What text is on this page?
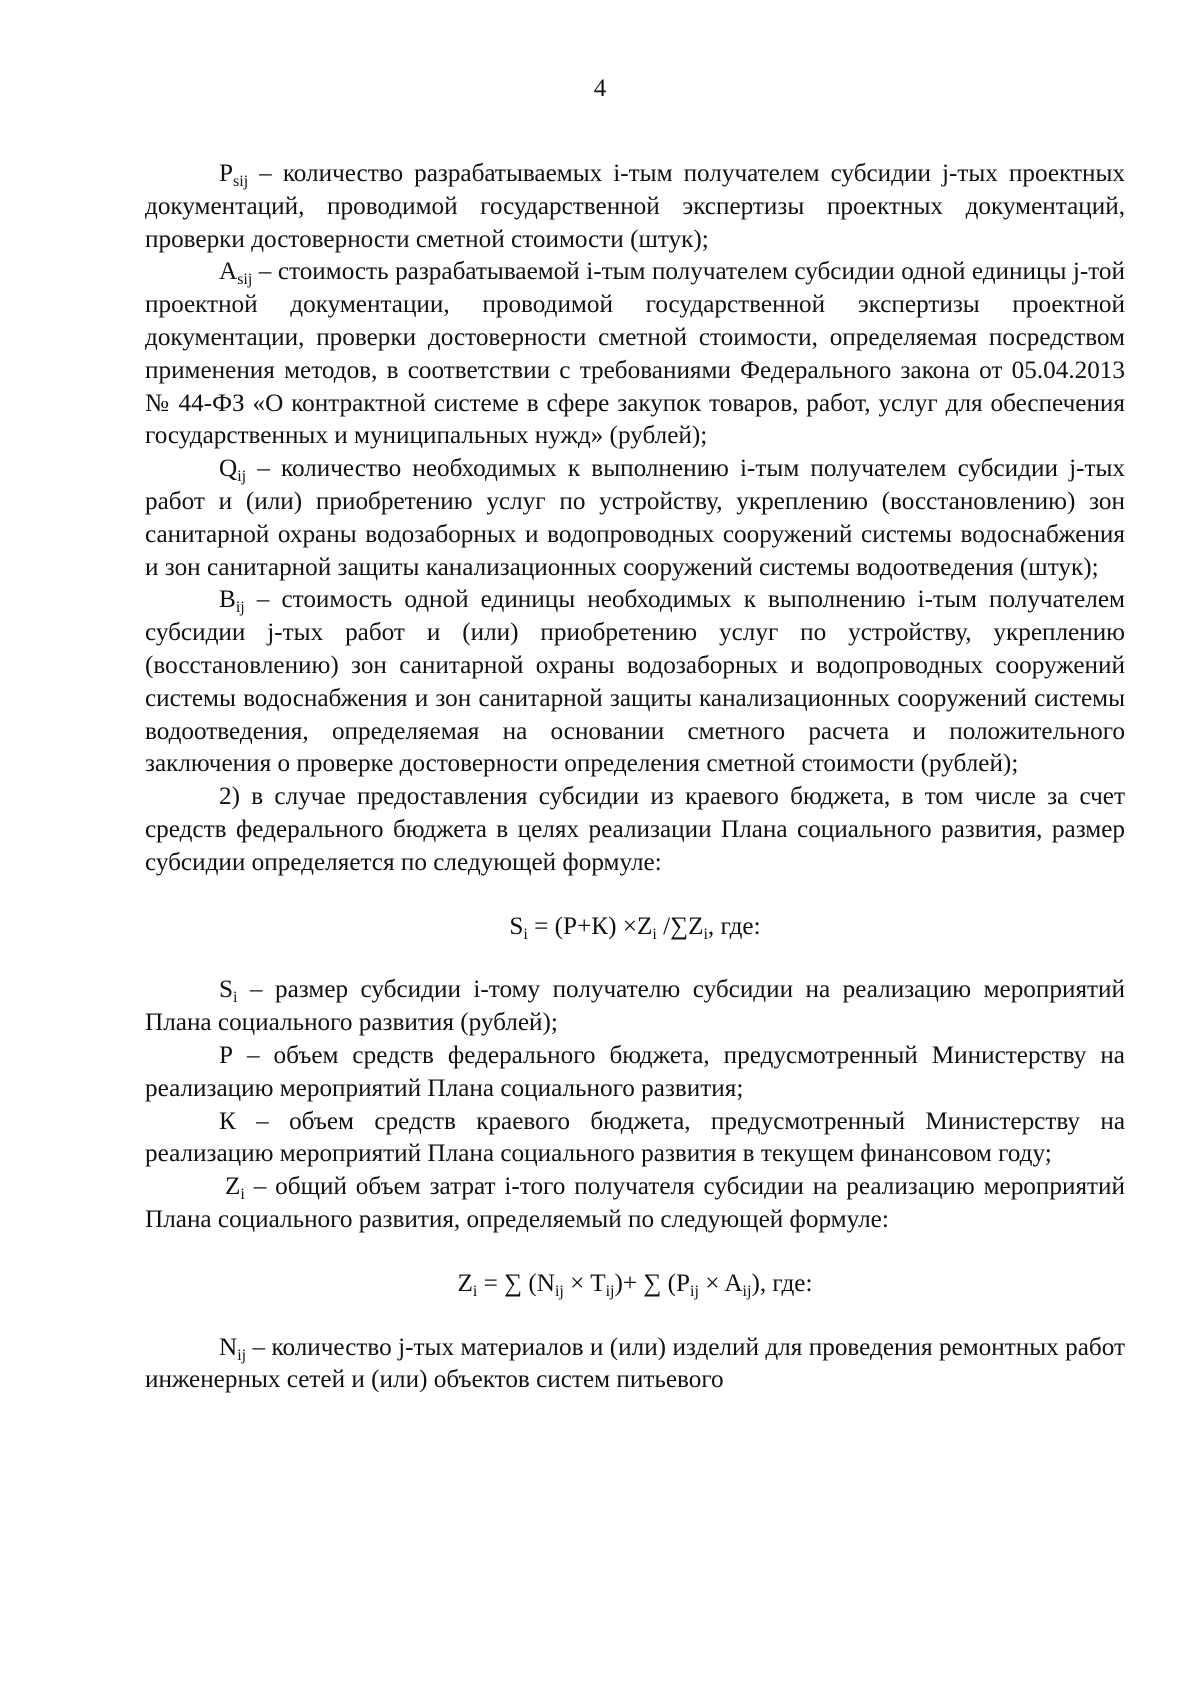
4

$P_{sij}$ – количество разрабатываемых i-тым получателем субсидии j-тых проектных документаций, проводимой государственной экспертизы проектных документаций, проверки достоверности сметной стоимости (штук);

$А_{sij}$ – стоимость разрабатываемой i-тым получателем субсидии одной единицы j-той проектной документации, проводимой государственной экспертизы проектной документации, проверки достоверности сметной стоимости, определяемая посредством применения методов, в соответствии с требованиями Федерального закона от 05.04.2013 № 44-ФЗ «О контрактной системе в сфере закупок товаров, работ, услуг для обеспечения государственных и муниципальных нужд» (рублей);

$Q_{ij}$ – количество необходимых к выполнению i-тым получателем субсидии j-тых работ и (или) приобретению услуг по устройству, укреплению (восстановлению) зон санитарной охраны водозаборных и водопроводных сооружений системы водоснабжения и зон санитарной защиты канализационных сооружений системы водоотведения (штук);

$В_{ij}$ – стоимость одной единицы необходимых к выполнению i-тым получателем субсидии j-тых работ и (или) приобретению услуг по устройству, укреплению (восстановлению) зон санитарной охраны водозаборных и водопроводных сооружений системы водоснабжения и зон санитарной защиты канализационных сооружений системы водоотведения, определяемая на основании сметного расчета и положительного заключения о проверке достоверности определения сметной стоимости (рублей);

2) в случае предоставления субсидии из краевого бюджета, в том числе за счет средств федерального бюджета в целях реализации Плана социального развития, размер субсидии определяется по следующей формуле:

$S_i = (Р+К) \times Z_i$ $/\sum Z_i$, где:

$S_i$ – размер субсидии i-тому получателю субсидии на реализацию мероприятий Плана социального развития (рублей);

Р – объем средств федерального бюджета, предусмотренный Министерству на реализацию мероприятий Плана социального развития;

К – объем средств краевого бюджета, предусмотренный Министерству на реализацию мероприятий Плана социального развития в текущем финансовом году;

$Z_i$ – общий объем затрат i-того получателя субсидии на реализацию мероприятий Плана социального развития, определяемый по следующей формуле:

$Z_i$ = ∑ $(N_{ij} \times T_{ij})+$ ∑ $(P_{ij} \times A_{ij})$, где:

$N_{ij}$ – количество j-тых материалов и (или) изделий для проведения ремонтных работ инженерных сетей и (или) объектов систем питьевого
